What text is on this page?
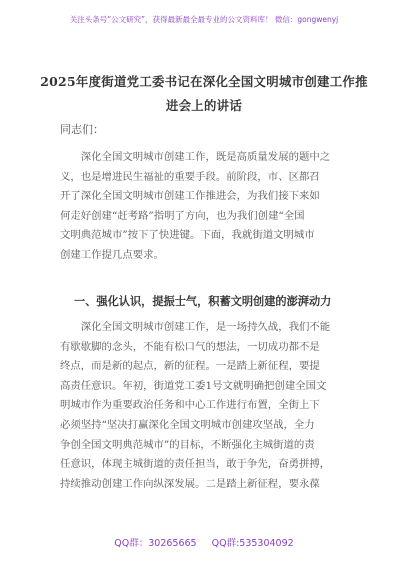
关注头条号“公文研究”，获得最新最全最专业的公文资料库！ 微信：gongwenyj
2025年度街道党工委书记在深化全国文明城市创建工作推
进会上的讲话
同志们：
　　深化全国文明城市创建工作，既是高质量发展的题中之
义，也是增进民生福祉的重要手段。前阶段，市、区都召
开了深化全国文明城市创建工作推进会，为我们接下来如
何走好创建“赶考路”指明了方向，也为我们创建“全国
文明典范城市”按下了快进键。下面，我就街道文明城市
创建工作提几点要求。
一、强化认识，提振士气，积蓄文明创建的澎湃动力
　　深化全国文明城市创建工作，是一场持久战，我们不能
有歇歇脚的念头，不能有松口气的想法，一切成功都不是
终点，而是新的起点，新的征程。一是踏上新征程，要提
高责任意识。年初，街道党工委1号文就明确把创建全国文
明城市作为重要政治任务和中心工作进行布置，全街上下
必须坚持“坚决打赢深化全国文明城市创建攻坚战，全力
争创全国文明典范城市”的目标，不断强化主城街道的责
任意识，体现主城街道的责任担当，敢于争先，奋勇拼搏，
持续推动创建工作向纵深发展。二是踏上新征程，要永葆
QQ群：30265665 QQ群:535304092
